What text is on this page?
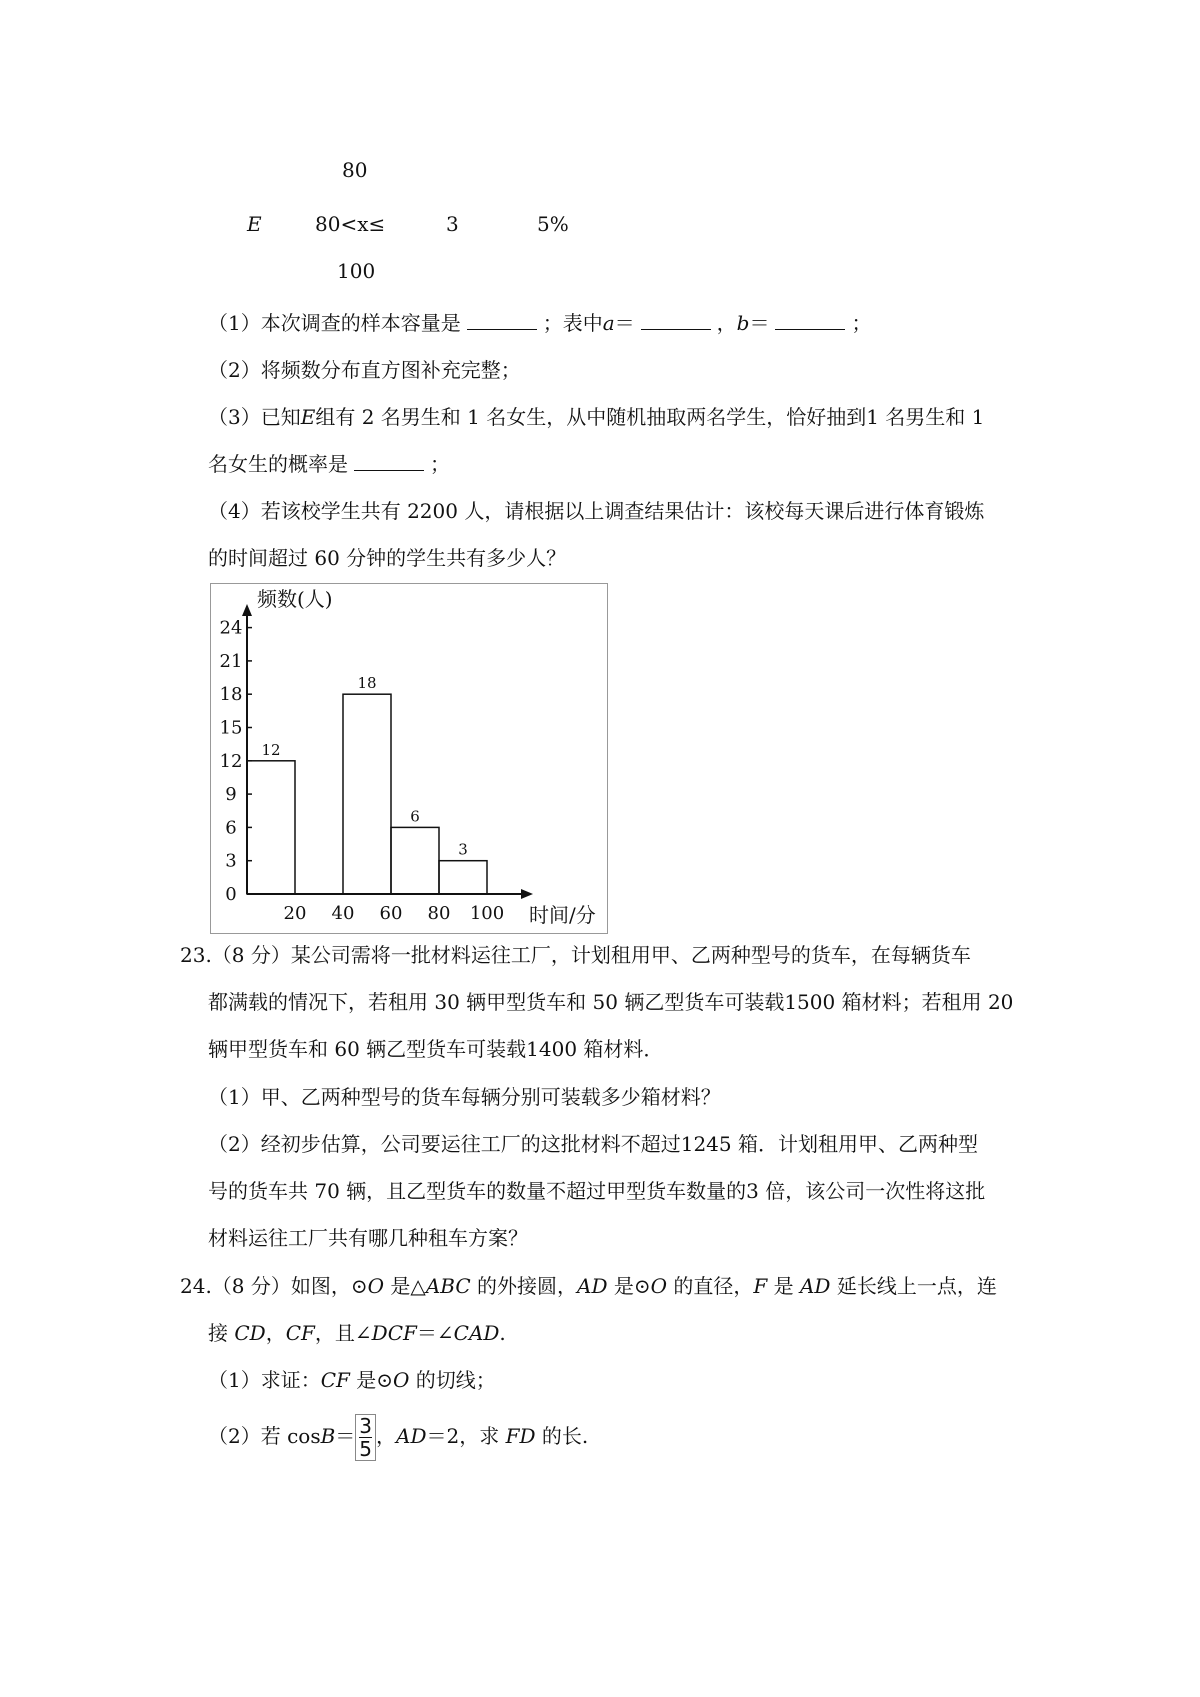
80
E	80<x≤	3	5%
100
（1）本次调查的样本容量是	；表中a＝	，b＝	；
（2）将频数分布直方图补充完整；
（3）已知E组有 2 名男生和 1 名女生，从中随机抽取两名学生，恰好抽到1 名男生和 1
名女生的概率是	；
（4）若该校学生共有 2200 人，请根据以上调查结果估计：该校每天课后进行体育锻炼
的时间超过 60 分钟的学生共有多少人？
0
3
6
9
12
15
18
21
24
20 40 60 80 100
12
18
6
3
频数(人)
时间/分
23.（8 分）某公司需将一批材料运往工厂，计划租用甲、乙两种型号的货车，在每辆货车
都满载的情况下，若租用 30 辆甲型货车和 50 辆乙型货车可装载1500 箱材料；若租用 20
辆甲型货车和 60 辆乙型货车可装载1400 箱材料．
（1）甲、乙两种型号的货车每辆分别可装载多少箱材料？
（2）经初步估算，公司要运往工厂的这批材料不超过1245 箱．计划租用甲、乙两种型
号的货车共 70 辆，且乙型货车的数量不超过甲型货车数量的3 倍，该公司一次性将这批
材料运往工厂共有哪几种租车方案？
24.（8 分）如图，⊙O 是△ABC 的外接圆，AD 是⊙O 的直径，F 是 AD 延长线上一点，连
接 CD，CF，且∠DCF＝∠CAD.
（1）求证：CF 是⊙O 的切线；
（2）若 $\cos B= \frac{3}{5}$ ，AD＝2，求 FD 的长.
